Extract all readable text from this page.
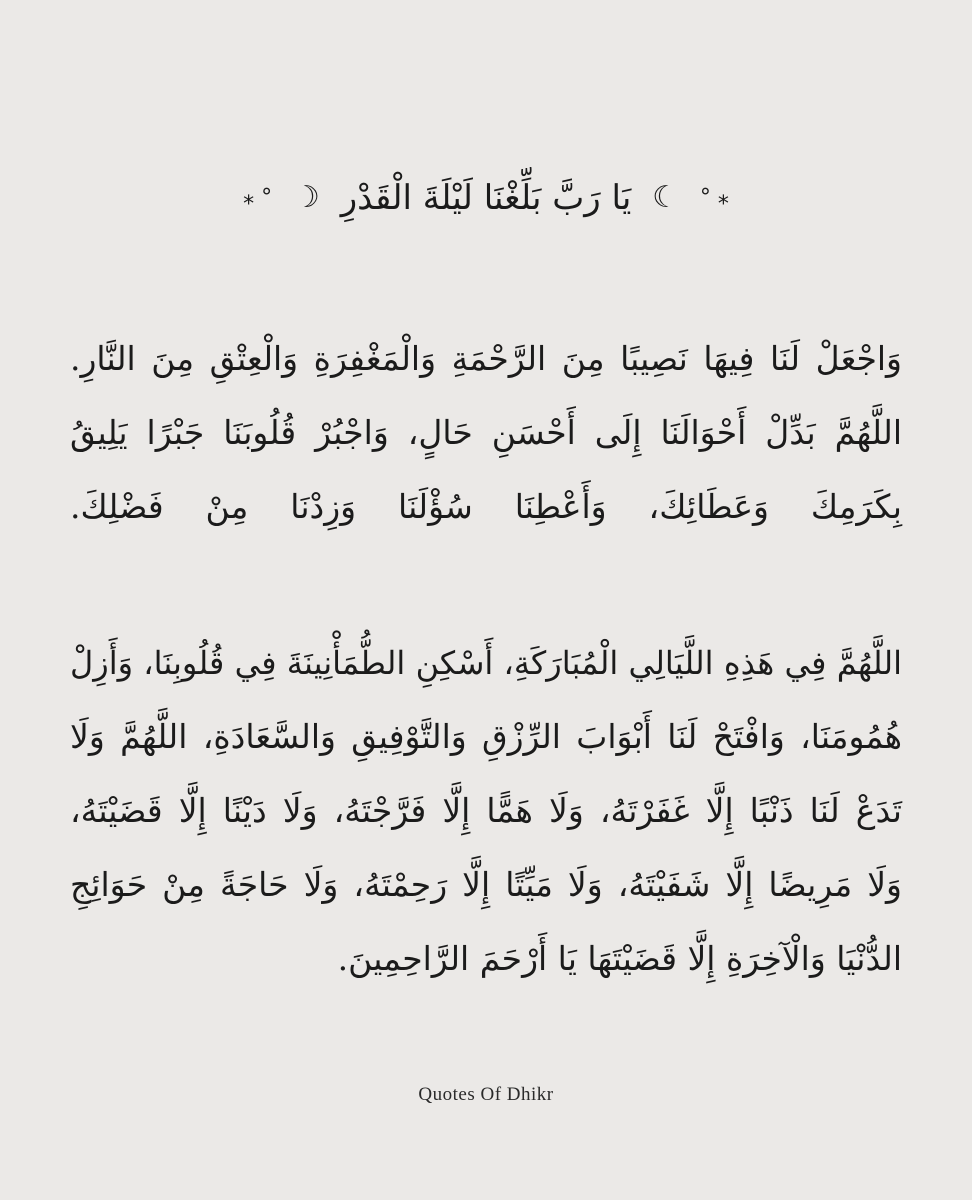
⁎ ° ☾ يَا رَبَّ بَلِّغْنَا لَيْلَةَ الْقَدْرِ ☽ ° ⁎
وَاجْعَلْ لَنَا فِيهَا نَصِيبًا مِنَ الرَّحْمَةِ وَالْمَغْفِرَةِ وَالْعِتْقِ مِنَ النَّارِ.
اللَّهُمَّ بَدِّلْ أَحْوَالَنَا إِلَى أَحْسَنِ حَالٍ، وَاجْبُرْ قُلُوبَنَا جَبْرًا يَلِيقُ
بِكَرَمِكَ وَعَطَائِكَ، وَأَعْطِنَا سُؤْلَنَا وَزِدْنَا مِنْ فَضْلِكَ.
اللَّهُمَّ فِي هَذِهِ اللَّيَالِي الْمُبَارَكَةِ، أَسْكِنِ الطُّمَأْنِينَةَ فِي قُلُوبِنَا، وَأَزِلْ
هُمُومَنَا، وَافْتَحْ لَنَا أَبْوَابَ الرِّزْقِ وَالتَّوْفِيقِ وَالسَّعَادَةِ، اللَّهُمَّ وَلَا
تَدَعْ لَنَا ذَنْبًا إِلَّا غَفَرْتَهُ، وَلَا هَمًّا إِلَّا فَرَّجْتَهُ، وَلَا دَيْنًا إِلَّا قَضَيْتَهُ،
وَلَا مَرِيضًا إِلَّا شَفَيْتَهُ، وَلَا مَيِّتًا إِلَّا رَحِمْتَهُ، وَلَا حَاجَةً مِنْ حَوَائِجِ
الدُّنْيَا وَالْآخِرَةِ إِلَّا قَضَيْتَهَا يَا أَرْحَمَ الرَّاحِمِينَ.
Quotes Of Dhikr
